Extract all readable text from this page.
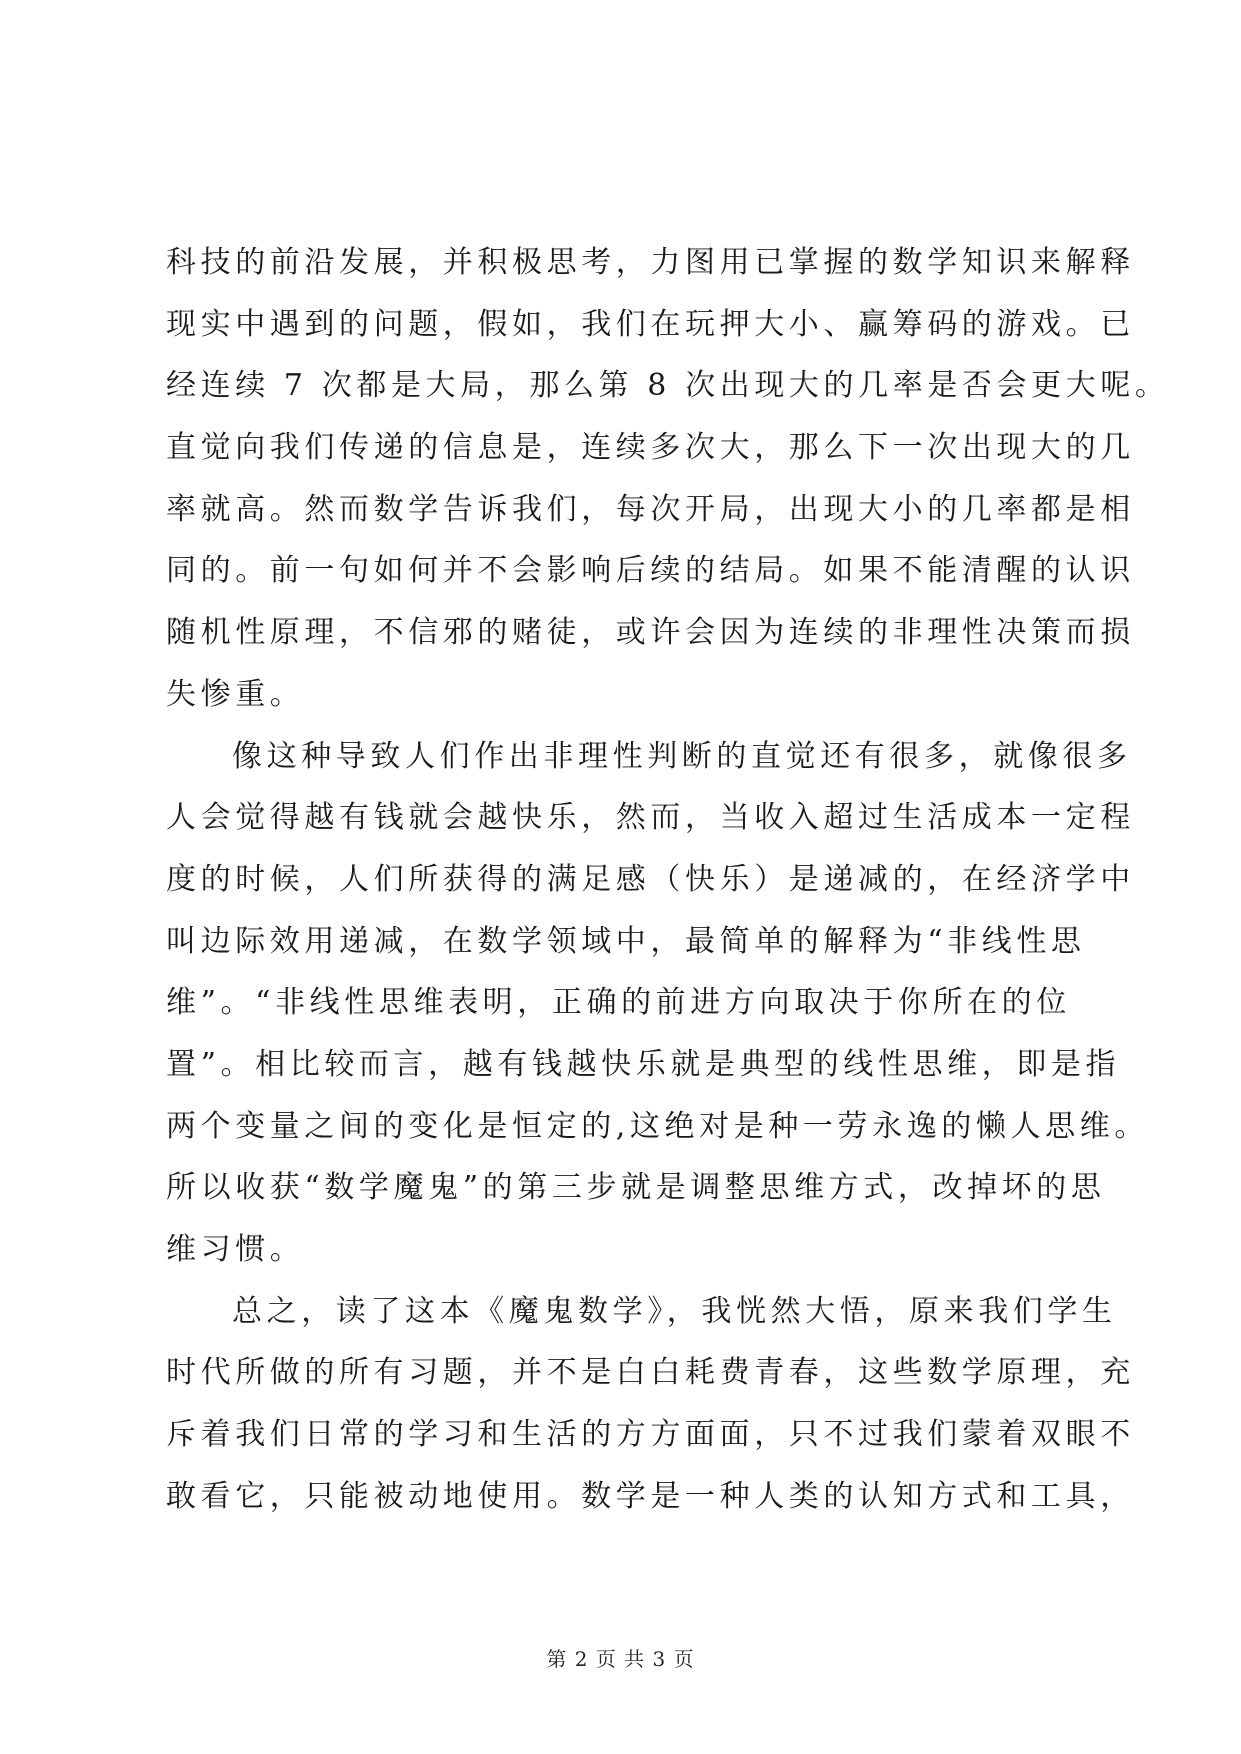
科技的前沿发展，并积极思考，力图用已掌握的数学知识来解释
现实中遇到的问题，假如，我们在玩押大小、赢筹码的游戏。已
经连续 7 次都是大局，那么第 8 次出现大的几率是否会更大呢。
直觉向我们传递的信息是，连续多次大，那么下一次出现大的几
率就高。然而数学告诉我们，每次开局，出现大小的几率都是相
同的。前一句如何并不会影响后续的结局。如果不能清醒的认识
随机性原理，不信邪的赌徒，或许会因为连续的非理性决策而损
失惨重。
像这种导致人们作出非理性判断的直觉还有很多，就像很多
人会觉得越有钱就会越快乐，然而，当收入超过生活成本一定程
度的时候，人们所获得的满足感（快乐）是递减的，在经济学中
叫边际效用递减，在数学领域中，最简单的解释为“非线性思
维”。“非线性思维表明，正确的前进方向取决于你所在的位
置”。相比较而言，越有钱越快乐就是典型的线性思维，即是指
两个变量之间的变化是恒定的,这绝对是种一劳永逸的懒人思维。
所以收获“数学魔鬼”的第三步就是调整思维方式，改掉坏的思
维习惯。
总之，读了这本《魔鬼数学》，我恍然大悟，原来我们学生
时代所做的所有习题，并不是白白耗费青春，这些数学原理，充
斥着我们日常的学习和生活的方方面面，只不过我们蒙着双眼不
敢看它，只能被动地使用。数学是一种人类的认知方式和工具，
第 2 页 共 3 页
